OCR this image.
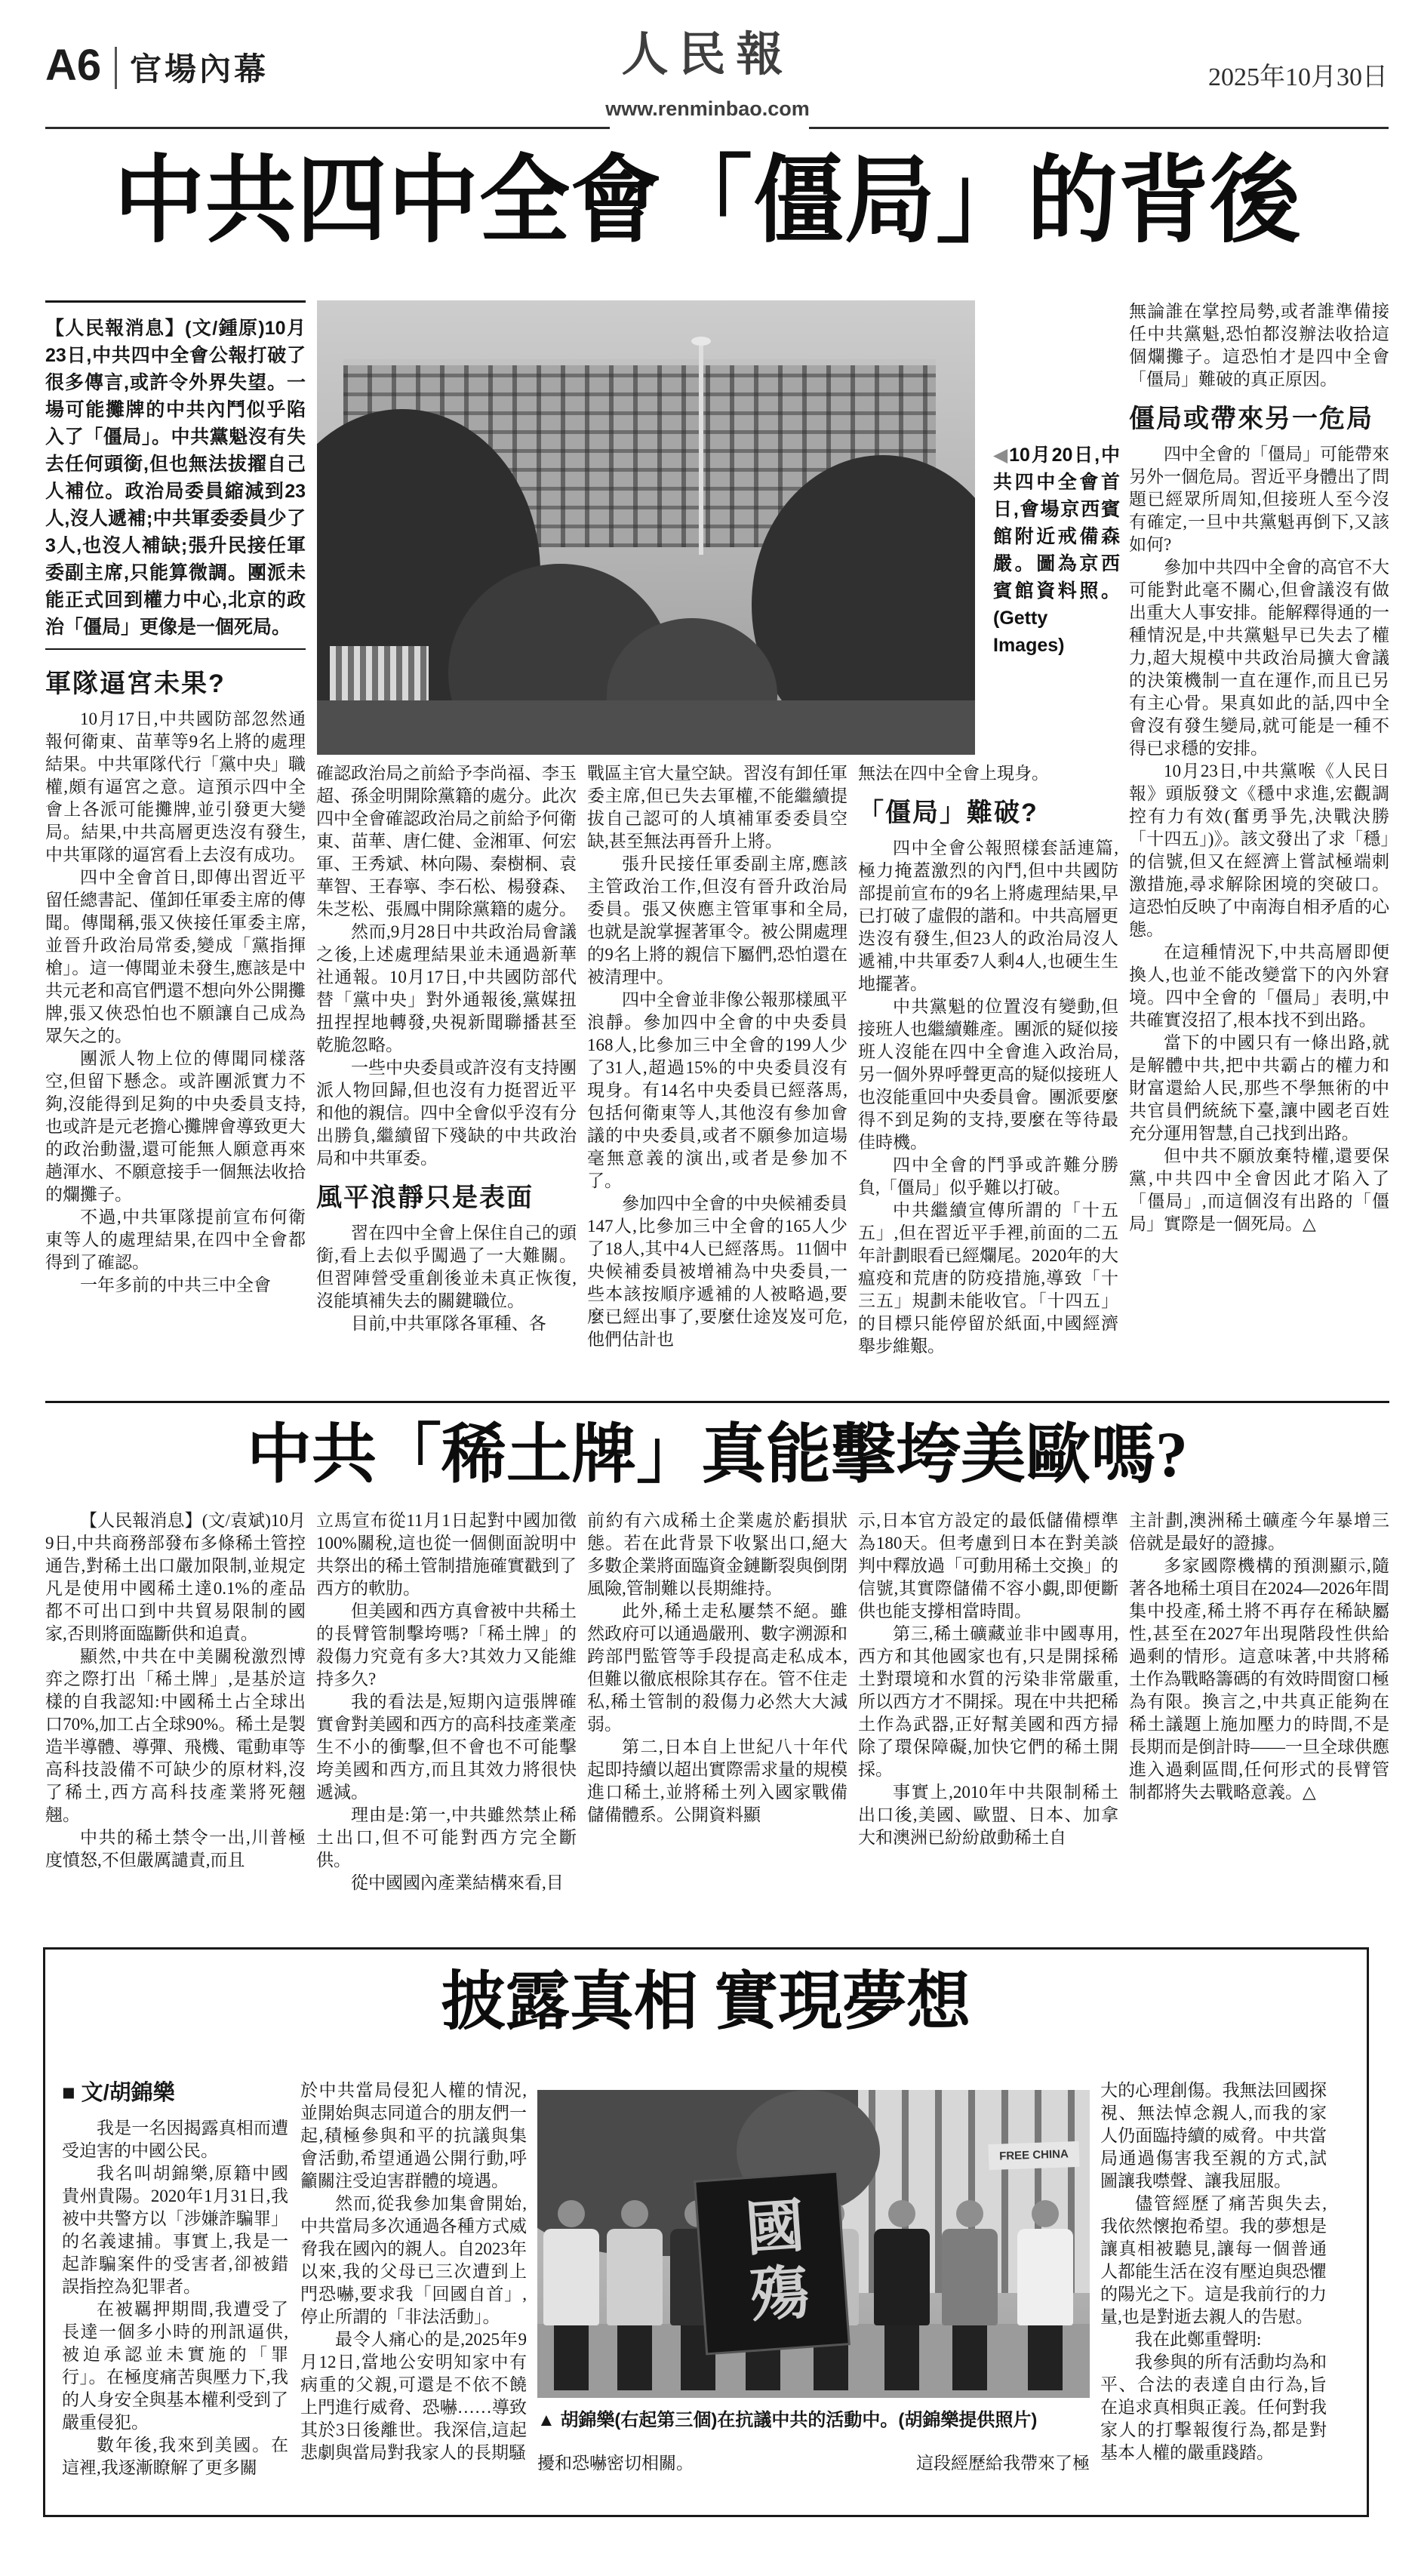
A6 官場內幕	人民報
www.renminbao.com
2025年10月30日
中共四中全會「僵局」的背後

【人民報消息】(文/鍾原)10月23日,中共四中全會公報打破了很多傳言,或許令外界失望。一場可能攤牌的中共內鬥似乎陷入了「僵局」。中共黨魁沒有失去任何頭銜,但也無法拔擢自己人補位。政治局委員縮減到23人,沒人遞補;中共軍委委員少了3人,也沒人補缺;張升民接任軍委副主席,只能算微調。團派未能正式回到權力中心,北京的政治「僵局」更像是一個死局。

軍隊逼宮未果?

10月17日,中共國防部忽然通報何衛東、苗華等9名上將的處理結果。中共軍隊代行「黨中央」職權,頗有逼宮之意。這預示四中全會上各派可能攤牌,並引發更大變局。結果,中共高層更迭沒有發生,中共軍隊的逼宮看上去沒有成功。

四中全會首日,即傳出習近平留任總書記、僅卸任軍委主席的傳聞。傳聞稱,張又俠接任軍委主席,並晉升政治局常委,變成「黨指揮槍」。這一傳聞並未發生,應該是中共元老和高官們還不想向外公開攤牌,張又俠恐怕也不願讓自己成為眾矢之的。

團派人物上位的傳聞同樣落空,但留下懸念。或許團派實力不夠,沒能得到足夠的中央委員支持,也或許是元老擔心攤牌會導致更大的政治動盪,還可能無人願意再來趟渾水、不願意接手一個無法收拾的爛攤子。

不過,中共軍隊提前宣布何衛東等人的處理結果,在四中全會都得到了確認。

一年多前的中共三中全會

確認政治局之前給予李尚福、李玉超、孫金明開除黨籍的處分。此次四中全會確認政治局之前給予何衛東、苗華、唐仁健、金湘軍、何宏軍、王秀斌、林向陽、秦樹桐、袁華智、王春寧、李石松、楊發森、朱芝松、張鳳中開除黨籍的處分。

然而,9月28日中共政治局會議之後,上述處理結果並未通過新華社通報。10月17日,中共國防部代替「黨中央」對外通報後,黨媒扭扭捏捏地轉發,央視新聞聯播甚至乾脆忽略。

一些中央委員或許沒有支持團派人物回歸,但也沒有力挺習近平和他的親信。四中全會似乎沒有分出勝負,繼續留下殘缺的中共政治局和中共軍委。

風平浪靜只是表面

習在四中全會上保住自己的頭銜,看上去似乎闖過了一大難關。但習陣營受重創後並未真正恢復,沒能填補失去的關鍵職位。

目前,中共軍隊各軍種、各

戰區主官大量空缺。習沒有卸任軍委主席,但已失去軍權,不能繼續提拔自己認可的人填補軍委委員空缺,甚至無法再晉升上將。

張升民接任軍委副主席,應該主管政治工作,但沒有晉升政治局委員。張又俠應主管軍事和全局,也就是說掌握著軍令。被公開處理的9名上將的親信下屬們,恐怕還在被清理中。

四中全會並非像公報那樣風平浪靜。參加四中全會的中央委員168人,比參加三中全會的199人少了31人,超過15%的中央委員沒有現身。有14名中央委員已經落馬,包括何衛東等人,其他沒有參加會議的中央委員,或者不願參加這場毫無意義的演出,或者是參加不了。

參加四中全會的中央候補委員147人,比參加三中全會的165人少了18人,其中4人已經落馬。11個中央候補委員被增補為中央委員,一些本該按順序遞補的人被略過,要麼已經出事了,要麼仕途岌岌可危,他們估計也

無法在四中全會上現身。

「僵局」難破?

四中全會公報照樣套話連篇,極力掩蓋激烈的內鬥,但中共國防部提前宣布的9名上將處理結果,早已打破了虛假的諧和。中共高層更迭沒有發生,但23人的政治局沒人遞補,中共軍委7人剩4人,也硬生生地擺著。

中共黨魁的位置沒有變動,但接班人也繼續難產。團派的疑似接班人沒能在四中全會進入政治局,另一個外界呼聲更高的疑似接班人也沒能重回中央委員會。團派要麼得不到足夠的支持,要麼在等待最佳時機。

四中全會的鬥爭或許難分勝負,「僵局」似乎難以打破。

中共繼續宣傳所謂的「十五五」,但在習近平手裡,前面的二五年計劃眼看已經爛尾。2020年的大瘟疫和荒唐的防疫措施,導致「十三五」規劃未能收官。「十四五」的目標只能停留於紙面,中國經濟舉步維艱。

無論誰在掌控局勢,或者誰準備接任中共黨魁,恐怕都沒辦法收拾這個爛攤子。這恐怕才是四中全會「僵局」難破的真正原因。

僵局或帶來另一危局

四中全會的「僵局」可能帶來另外一個危局。習近平身體出了問題已經眾所周知,但接班人至今沒有確定,一旦中共黨魁再倒下,又該如何?

參加中共四中全會的高官不大可能對此毫不關心,但會議沒有做出重大人事安排。能解釋得通的一種情況是,中共黨魁早已失去了權力,超大規模中共政治局擴大會議的決策機制一直在運作,而且已另有主心骨。果真如此的話,四中全會沒有發生變局,就可能是一種不得已求穩的安排。

10月23日,中共黨喉《人民日報》頭版發文《穩中求進,宏觀調控有力有效(奮勇爭先,決戰決勝「十四五」)》。該文發出了求「穩」的信號,但又在經濟上嘗試極端刺激措施,尋求解除困境的突破口。這恐怕反映了中南海自相矛盾的心態。

在這種情況下,中共高層即便換人,也並不能改變當下的內外窘境。四中全會的「僵局」表明,中共確實沒招了,根本找不到出路。

當下的中國只有一條出路,就是解體中共,把中共霸占的權力和財富還給人民,那些不學無術的中共官員們統統下臺,讓中國老百姓充分運用智慧,自己找到出路。

但中共不願放棄特權,還要保黨,中共四中全會因此才陷入了「僵局」,而這個沒有出路的「僵局」實際是一個死局。△

◀10月20日,中共四中全會首日,會場京西賓館附近戒備森嚴。圖為京西賓館資料照。(Getty Images)
中共「稀土牌」真能擊垮美歐嗎?

【人民報消息】(文/袁斌)10月9日,中共商務部發布多條稀土管控通告,對稀土出口嚴加限制,並規定凡是使用中國稀土達0.1%的產品都不可出口到中共貿易限制的國家,否則將面臨斷供和追責。

顯然,中共在中美關稅激烈博弈之際打出「稀土牌」,是基於這樣的自我認知:中國稀土占全球出口70%,加工占全球90%。稀土是製造半導體、導彈、飛機、電動車等高科技設備不可缺少的原材料,沒了稀土,西方高科技產業將死翹翹。

中共的稀土禁令一出,川普極度憤怒,不但嚴厲譴責,而且

立馬宣布從11月1日起對中國加徵100%關稅,這也從一個側面說明中共祭出的稀土管制措施確實戳到了西方的軟肋。

但美國和西方真會被中共稀土的長臂管制擊垮嗎?「稀土牌」的殺傷力究竟有多大?其效力又能維持多久?

我的看法是,短期內這張牌確實會對美國和西方的高科技產業產生不小的衝擊,但不會也不可能擊垮美國和西方,而且其效力將很快遞減。

理由是:第一,中共雖然禁止稀土出口,但不可能對西方完全斷供。

從中國國內產業結構來看,目

前約有六成稀土企業處於虧損狀態。若在此背景下收緊出口,絕大多數企業將面臨資金鏈斷裂與倒閉風險,管制難以長期維持。

此外,稀土走私屢禁不絕。雖然政府可以通過嚴刑、數字溯源和跨部門監管等手段提高走私成本,但難以徹底根除其存在。管不住走私,稀土管制的殺傷力必然大大減弱。

第二,日本自上世紀八十年代起即持續以超出實際需求量的規模進口稀土,並將稀土列入國家戰備儲備體系。公開資料顯

示,日本官方設定的最低儲備標準為180天。但考慮到日本在對美談判中釋放過「可動用稀土交換」的信號,其實際儲備不容小覷,即便斷供也能支撐相當時間。

第三,稀土礦藏並非中國專用,西方和其他國家也有,只是開採稀土對環境和水質的污染非常嚴重,所以西方才不開採。現在中共把稀土作為武器,正好幫美國和西方掃除了環保障礙,加快它們的稀土開採。

事實上,2010年中共限制稀土出口後,美國、歐盟、日本、加拿大和澳洲已紛紛啟動稀土自

主計劃,澳洲稀土礦產今年暴增三倍就是最好的證據。

多家國際機構的預測顯示,隨著各地稀土項目在2024—2026年間集中投產,稀土將不再存在稀缺屬性,甚至在2027年出現階段性供給過剩的情形。這意味著,中共將稀土作為戰略籌碼的有效時間窗口極為有限。換言之,中共真正能夠在稀土議題上施加壓力的時間,不是長期而是倒計時——一旦全球供應進入過剩區間,任何形式的長臂管制都將失去戰略意義。△

披露真相 實現夢想
■ 文/胡錦樂

我是一名因揭露真相而遭受迫害的中國公民。

我名叫胡錦樂,原籍中國貴州貴陽。2020年1月31日,我被中共警方以「涉嫌詐騙罪」的名義逮捕。事實上,我是一起詐騙案件的受害者,卻被錯誤指控為犯罪者。

在被羈押期間,我遭受了長達一個多小時的刑訊逼供,被迫承認並未實施的「罪行」。在極度痛苦與壓力下,我的人身安全與基本權利受到了嚴重侵犯。

數年後,我來到美國。在這裡,我逐漸瞭解了更多關

於中共當局侵犯人權的情況,並開始與志同道合的朋友們一起,積極參與和平的抗議與集會活動,希望通過公開行動,呼籲關注受迫害群體的境遇。

然而,從我參加集會開始,中共當局多次通過各種方式威脅我在國內的親人。自2023年以來,我的父母已三次遭到上門恐嚇,要求我「回國自首」,停止所謂的「非法活動」。

最令人痛心的是,2025年9月12日,當地公安明知家中有病重的父親,可還是不依不饒上門進行威脅、恐嚇……導致其於3日後離世。我深信,這起悲劇與當局對我家人的長期騷

FREE CHINA
國殤
▲ 胡錦樂(右起第三個)在抗議中共的活動中。(胡錦樂提供照片)
擾和恐嚇密切相關。	這段經歷給我帶來了極

大的心理創傷。我無法回國探視、無法悼念親人,而我的家人仍面臨持續的威脅。中共當局通過傷害我至親的方式,試圖讓我噤聲、讓我屈服。

儘管經歷了痛苦與失去,我依然懷抱希望。我的夢想是讓真相被聽見,讓每一個普通人都能生活在沒有壓迫與恐懼的陽光之下。這是我前行的力量,也是對逝去親人的告慰。

我在此鄭重聲明:

我參與的所有活動均為和平、合法的表達自由行為,旨在追求真相與正義。任何對我家人的打擊報復行為,都是對基本人權的嚴重踐踏。
